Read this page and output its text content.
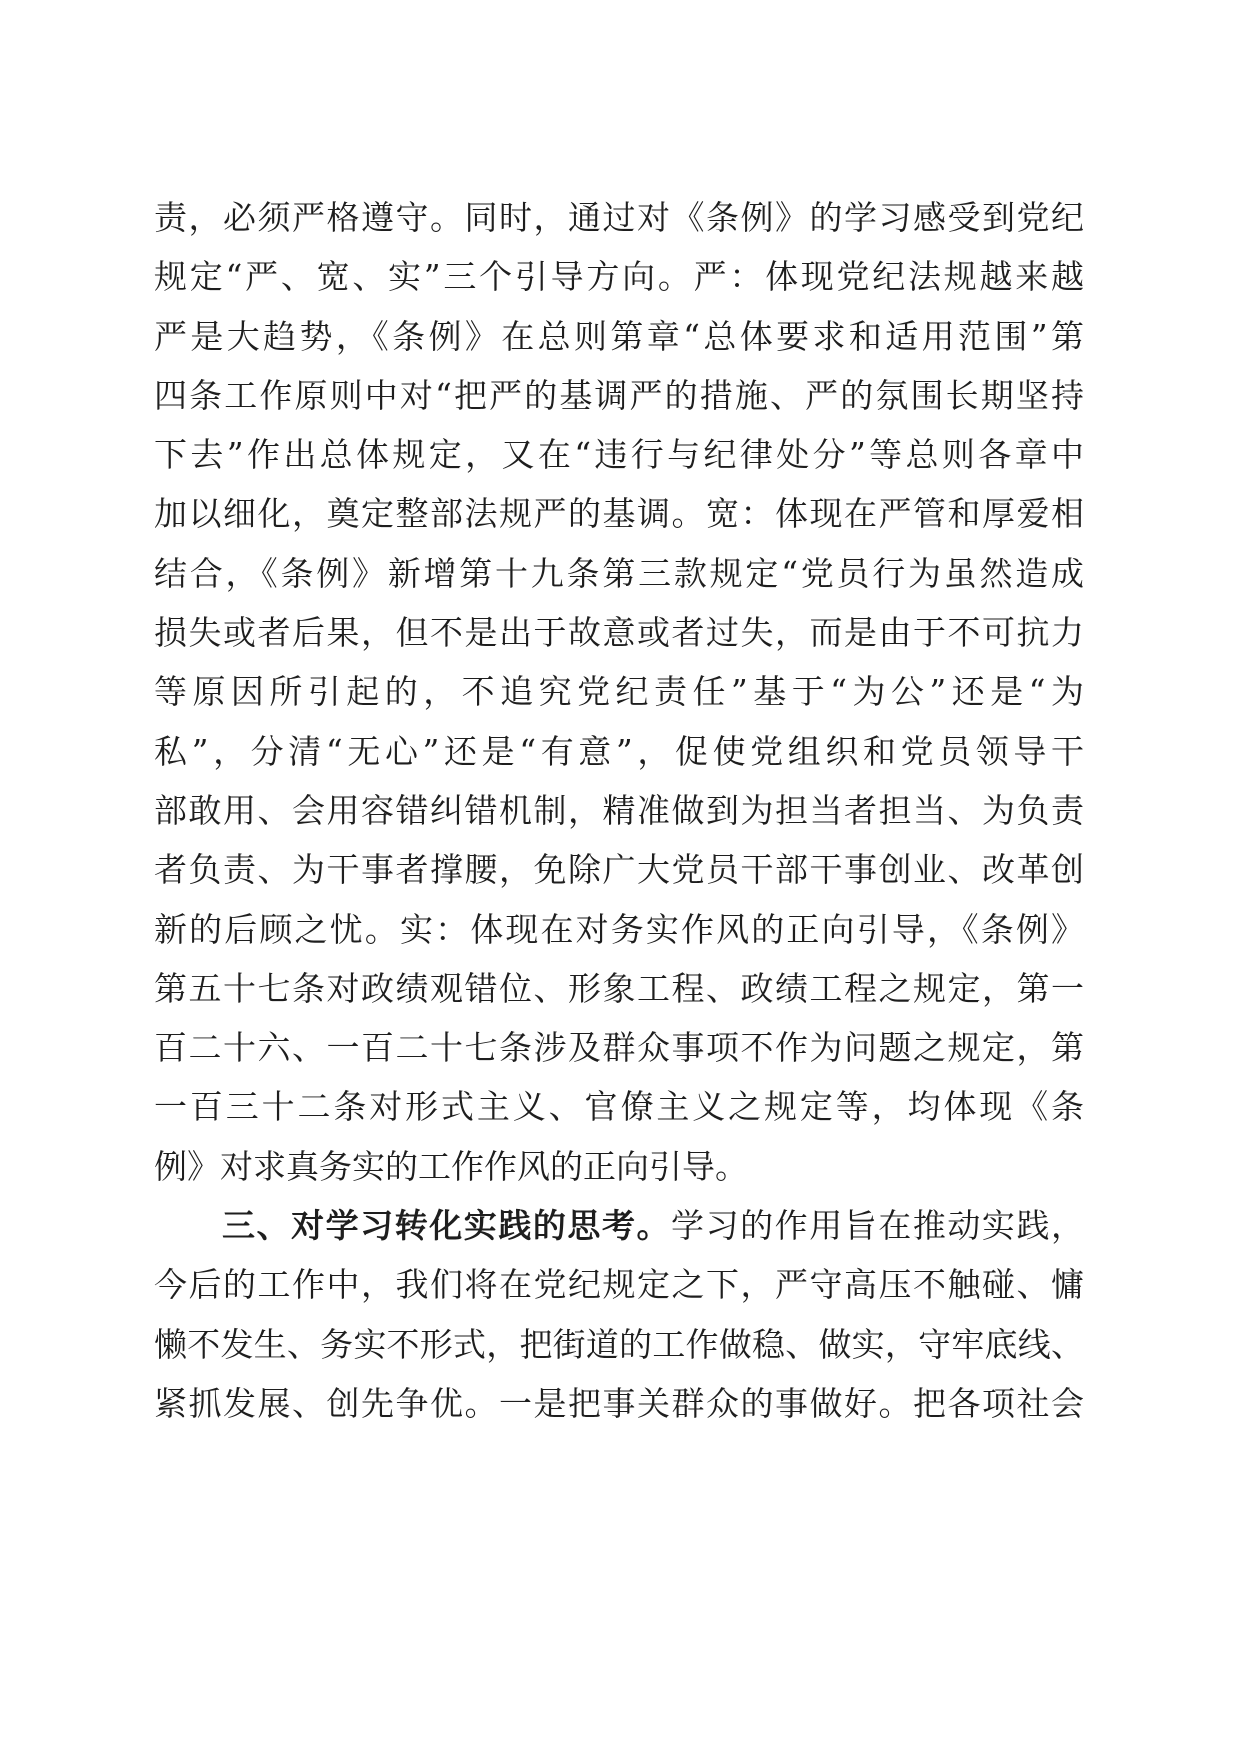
责，必须严格遵守。同时，通过对《条例》的学习感受到党纪
规定“严、宽、实”三个引导方向。严：体现党纪法规越来越
严是大趋势，《条例》在总则第章“总体要求和适用范围”第
四条工作原则中对“把严的基调严的措施、严的氛围长期坚持
下去”作出总体规定，又在“违行与纪律处分”等总则各章中
加以细化，奠定整部法规严的基调。宽：体现在严管和厚爱相
结合，《条例》新增第十九条第三款规定“党员行为虽然造成
损失或者后果，但不是出于故意或者过失，而是由于不可抗力
等原因所引起的，不追究党纪责任”基于“为公”还是“为
私”，分清“无心”还是“有意”，促使党组织和党员领导干
部敢用、会用容错纠错机制，精准做到为担当者担当、为负责
者负责、为干事者撑腰，免除广大党员干部干事创业、改革创
新的后顾之忧。实：体现在对务实作风的正向引导，《条例》
第五十七条对政绩观错位、形象工程、政绩工程之规定，第一
百二十六、一百二十七条涉及群众事项不作为问题之规定，第
一百三十二条对形式主义、官僚主义之规定等，均体现《条
例》对求真务实的工作作风的正向引导。
三、对学习转化实践的思考。学习的作用旨在推动实践，
今后的工作中，我们将在党纪规定之下，严守高压不触碰、慵
懒不发生、务实不形式，把街道的工作做稳、做实，守牢底线、
紧抓发展、创先争优。一是把事关群众的事做好。把各项社会
